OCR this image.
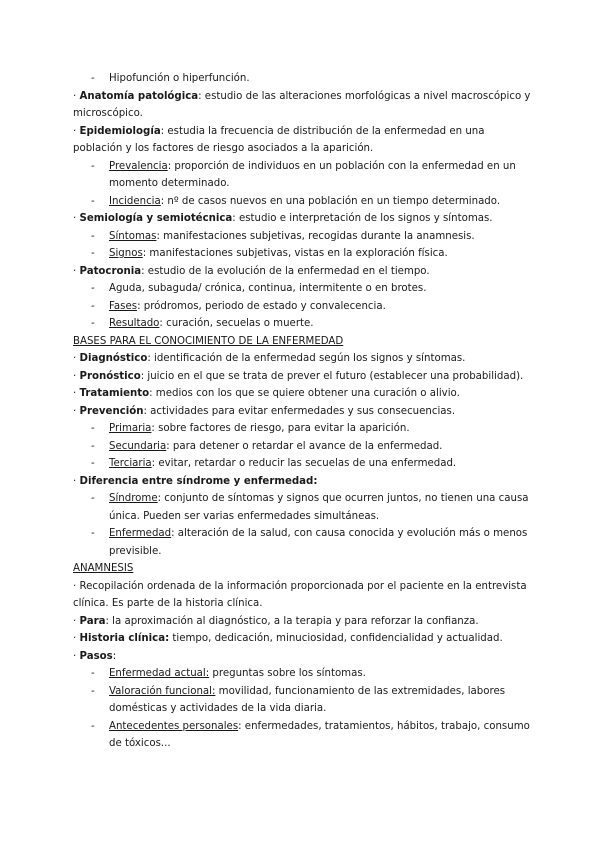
- Hipofunción o hiperfunción.

· Anatomía patológica: estudio de las alteraciones morfológicas a nivel macroscópico y microscópico.

· Epidemiología: estudia la frecuencia de distribución de la enfermedad en una población y los factores de riesgo asociados a la aparición.

- Prevalencia: proporción de individuos en un población con la enfermedad en un momento determinado.

- Incidencia: nº de casos nuevos en una población en un tiempo determinado.

· Semiología y semiotécnica: estudio e interpretación de los signos y síntomas.

- Síntomas: manifestaciones subjetivas, recogidas durante la anamnesis.

- Signos: manifestaciones subjetivas, vistas en la exploración física.

· Patocronia: estudio de la evolución de la enfermedad en el tiempo.

- Aguda, subaguda/ crónica, continua, intermitente o en brotes.

- Fases: pródromos, periodo de estado y convalecencia.

- Resultado: curación, secuelas o muerte.

BASES PARA EL CONOCIMIENTO DE LA ENFERMEDAD

· Diagnóstico: identificación de la enfermedad según los signos y síntomas.

· Pronóstico: juicio en el que se trata de prever el futuro (establecer una probabilidad).

· Tratamiento: medios con los que se quiere obtener una curación o alivio.

· Prevención: actividades para evitar enfermedades y sus consecuencias.

- Primaria: sobre factores de riesgo, para evitar la aparición.

- Secundaria: para detener o retardar el avance de la enfermedad.

- Terciaria: evitar, retardar o reducir las secuelas de una enfermedad.

· Diferencia entre síndrome y enfermedad:

- Síndrome: conjunto de síntomas y signos que ocurren juntos, no tienen una causa única. Pueden ser varias enfermedades simultáneas.

- Enfermedad: alteración de la salud, con causa conocida y evolución más o menos previsible.

ANAMNESIS

· Recopilación ordenada de la información proporcionada por el paciente en la entrevista clínica. Es parte de la historia clínica.

· Para: la aproximación al diagnóstico, a la terapia y para reforzar la confianza.

· Historia clínica: tiempo, dedicación, minuciosidad, confidencialidad y actualidad.

· Pasos:

- Enfermedad actual: preguntas sobre los síntomas.

- Valoración funcional: movilidad, funcionamiento de las extremidades, labores domésticas y actividades de la vida diaria.

- Antecedentes personales: enfermedades, tratamientos, hábitos, trabajo, consumo de tóxicos...
